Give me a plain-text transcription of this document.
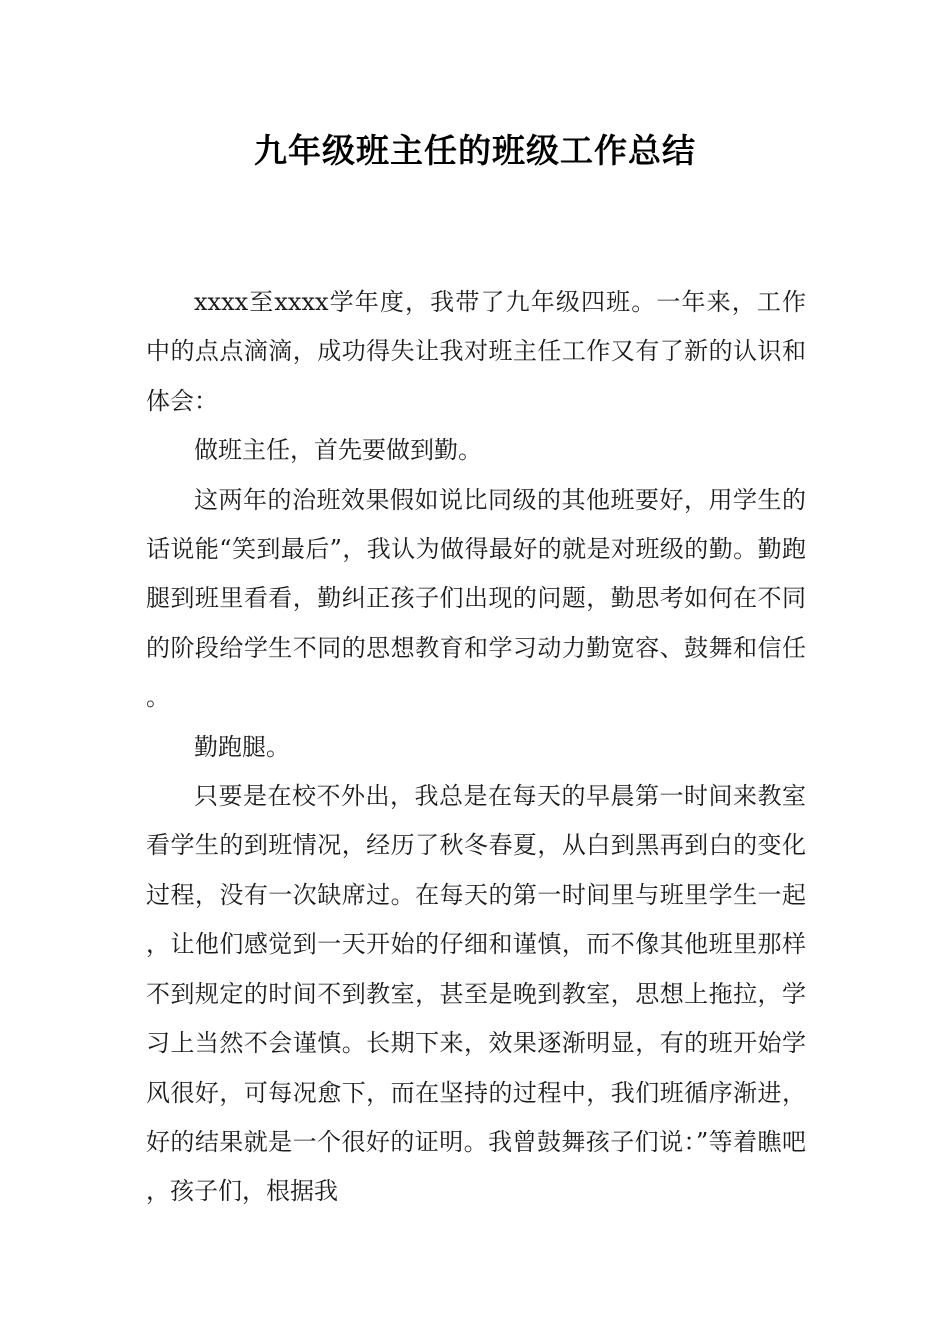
九年级班主任的班级工作总结

xxxx至xxxx学年度，我带了九年级四班。一年来，工作中的点点滴滴，成功得失让我对班主任工作又有了新的认识和体会：

做班主任，首先要做到勤。

这两年的治班效果假如说比同级的其他班要好，用学生的话说能“笑到最后”，我认为做得最好的就是对班级的勤。勤跑腿到班里看看，勤纠正孩子们出现的问题，勤思考如何在不同的阶段给学生不同的思想教育和学习动力勤宽容、鼓舞和信任。

勤跑腿。

只要是在校不外出，我总是在每天的早晨第一时间来教室看学生的到班情况，经历了秋冬春夏，从白到黑再到白的变化过程，没有一次缺席过。在每天的第一时间里与班里学生一起，让他们感觉到一天开始的仔细和谨慎，而不像其他班里那样不到规定的时间不到教室，甚至是晚到教室，思想上拖拉，学习上当然不会谨慎。长期下来，效果逐渐明显，有的班开始学风很好，可每况愈下，而在坚持的过程中，我们班循序渐进，好的结果就是一个很好的证明。我曾鼓舞孩子们说：”等着瞧吧，孩子们，根据我
